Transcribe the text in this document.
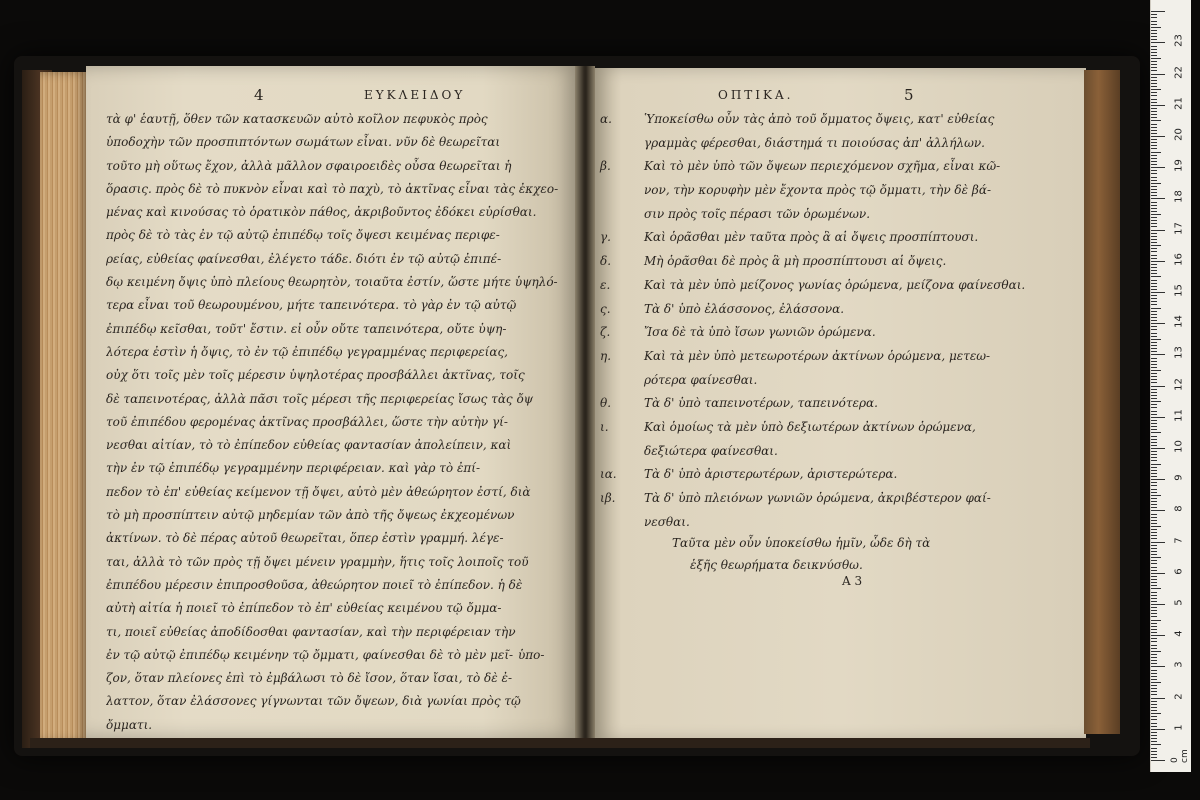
4	ΕΥΚΛΕΙΔΟΥ
τὰ φ' ἑαυτῇ, ὅθεν τῶν κατασκευῶν αὐτὸ κοῖλον πεφυκὸς πρὸς
ὑποδοχὴν τῶν προσπιπτόντων σωμάτων εἶναι. νῦν δὲ θεωρεῖται
τοῦτο μὴ οὕτως ἔχον, ἀλλὰ μᾶλλον σφαιροειδὲς οὖσα θεωρεῖται ἡ
ὅρασις. πρὸς δὲ τὸ πυκνὸν εἶναι καὶ τὸ παχὺ, τὸ ἀκτῖνας εἶναι τὰς ἐκχεο-
μένας καὶ κινούσας τὸ ὁρατικὸν πάθος, ἀκριβοῦντος ἐδόκει εὑρίσθαι.
πρὸς δὲ τὸ τὰς ἐν τῷ αὐτῷ ἐπιπέδῳ τοῖς ὄψεσι κειμένας περιφε-
ρείας, εὐθείας φαίνεσθαι, ἐλέγετο τάδε. διότι ἐν τῷ αὐτῷ ἐπιπέ-
δῳ κειμένη ὄψις ὑπὸ πλείους θεωρητὸν, τοιαῦτα ἐστίν, ὥστε μήτε ὑψηλό-
τερα εἶναι τοῦ θεωρουμένου, μήτε ταπεινότερα. τὸ γὰρ ἐν τῷ αὐτῷ
ἐπιπέδῳ κεῖσθαι, τοῦτ' ἔστιν. εἰ οὖν οὔτε ταπεινότερα, οὔτε ὑψη-
λότερα ἐστὶν ἡ ὄψις, τὸ ἐν τῷ ἐπιπέδῳ γεγραμμένας περιφερείας,
οὐχ ὅτι τοῖς μὲν τοῖς μέρεσιν ὑψηλοτέρας προσβάλλει ἀκτῖνας, τοῖς
δὲ ταπεινοτέρας, ἀλλὰ πᾶσι τοῖς μέρεσι τῆς περιφερείας ἴσως τὰς ὄψ
τοῦ ἐπιπέδου φερομένας ἀκτῖνας προσβάλλει, ὥστε τὴν αὐτὴν γί-
νεσθαι αἰτίαν, τὸ τὸ ἐπίπεδον εὐθείας φαντασίαν ἀπολείπειν, καὶ
τὴν ἐν τῷ ἐπιπέδῳ γεγραμμένην περιφέρειαν. καὶ γὰρ τὸ ἐπί-
πεδον τὸ ἐπ' εὐθείας κείμενον τῇ ὄψει, αὐτὸ μὲν ἀθεώρητον ἐστί, διὰ
τὸ μὴ προσπίπτειν αὐτῷ μηδεμίαν τῶν ἀπὸ τῆς ὄψεως ἐκχεομένων
ἀκτίνων. τὸ δὲ πέρας αὐτοῦ θεωρεῖται, ὅπερ ἐστὶν γραμμή. λέγε-
ται, ἀλλὰ τὸ τῶν πρὸς τῇ ὄψει μένειν γραμμὴν, ἥτις τοῖς λοιποῖς τοῦ
ἐπιπέδου μέρεσιν ἐπιπροσθοῦσα, ἀθεώρητον ποιεῖ τὸ ἐπίπεδον. ἡ δὲ
αὐτὴ αἰτία ἡ ποιεῖ τὸ ἐπίπεδον τὸ ἐπ' εὐθείας κειμένου τῷ ὄμμα-
τι, ποιεῖ εὐθείας ἀποδίδοσθαι φαντασίαν, καὶ τὴν περιφέρειαν τὴν
ἐν τῷ αὐτῷ ἐπιπέδῳ κειμένην τῷ ὄμματι, φαίνεσθαι δὲ τὸ μὲν μεῖ-
ζον, ὅταν πλείονες ἐπὶ τὸ ἐμβάλωσι τὸ δὲ ἴσον, ὅταν ἴσαι, τὸ δὲ ἐ-
λαττον, ὅταν ἐλάσσονες γίγνωνται τῶν ὄψεων, διὰ γωνίαι πρὸς τῷ
ὄμματι.
ὑπο-
ΟΠΤΙΚΑ.	5
α.	Ὑποκείσθω οὖν τὰς ἀπὸ τοῦ ὄμματος ὄψεις, κατ' εὐθείας
γραμμὰς φέρεσθαι, διάστημά τι ποιούσας ἀπ' ἀλλήλων.
β.	Καὶ τὸ μὲν ὑπὸ τῶν ὄψεων περιεχόμενον σχῆμα, εἶναι κῶ-
νον, τὴν κορυφὴν μὲν ἔχοντα πρὸς τῷ ὄμματι, τὴν δὲ βά-
σιν πρὸς τοῖς πέρασι τῶν ὁρωμένων.
γ.	Καὶ ὁρᾶσθαι μὲν ταῦτα πρὸς ἃ αἱ ὄψεις προσπίπτουσι.
δ.	Μὴ ὁρᾶσθαι δὲ πρὸς ἃ μὴ προσπίπτουσι αἱ ὄψεις.
ε.	Καὶ τὰ μὲν ὑπὸ μείζονος γωνίας ὁρώμενα, μείζονα φαίνεσθαι.
ς.	Τὰ δ' ὑπὸ ἐλάσσονος, ἐλάσσονα.
ζ.	Ἴσα δὲ τὰ ὑπὸ ἴσων γωνιῶν ὁρώμενα.
η.	Καὶ τὰ μὲν ὑπὸ μετεωροτέρων ἀκτίνων ὁρώμενα, μετεω-
ρότερα φαίνεσθαι.
θ.	Τὰ δ' ὑπὸ ταπεινοτέρων, ταπεινότερα.
ι.	Καὶ ὁμοίως τὰ μὲν ὑπὸ δεξιωτέρων ἀκτίνων ὁρώμενα,
δεξιώτερα φαίνεσθαι.
ια.	Τὰ δ' ὑπὸ ἀριστερωτέρων, ἀριστερώτερα.
ιβ.	Τὰ δ' ὑπὸ πλειόνων γωνιῶν ὁρώμενα, ἀκριβέστερον φαί-
νεσθαι.
Ταῦτα μὲν οὖν ὑποκείσθω ἡμῖν, ὧδε δὴ τὰ
ἑξῆς θεωρήματα δεικνύσθω.
A 3
0 cm
1
2
3
4
5
6
7
8
9
10
11
12
13
14
15
16
17
18
19
20
21
22
23
